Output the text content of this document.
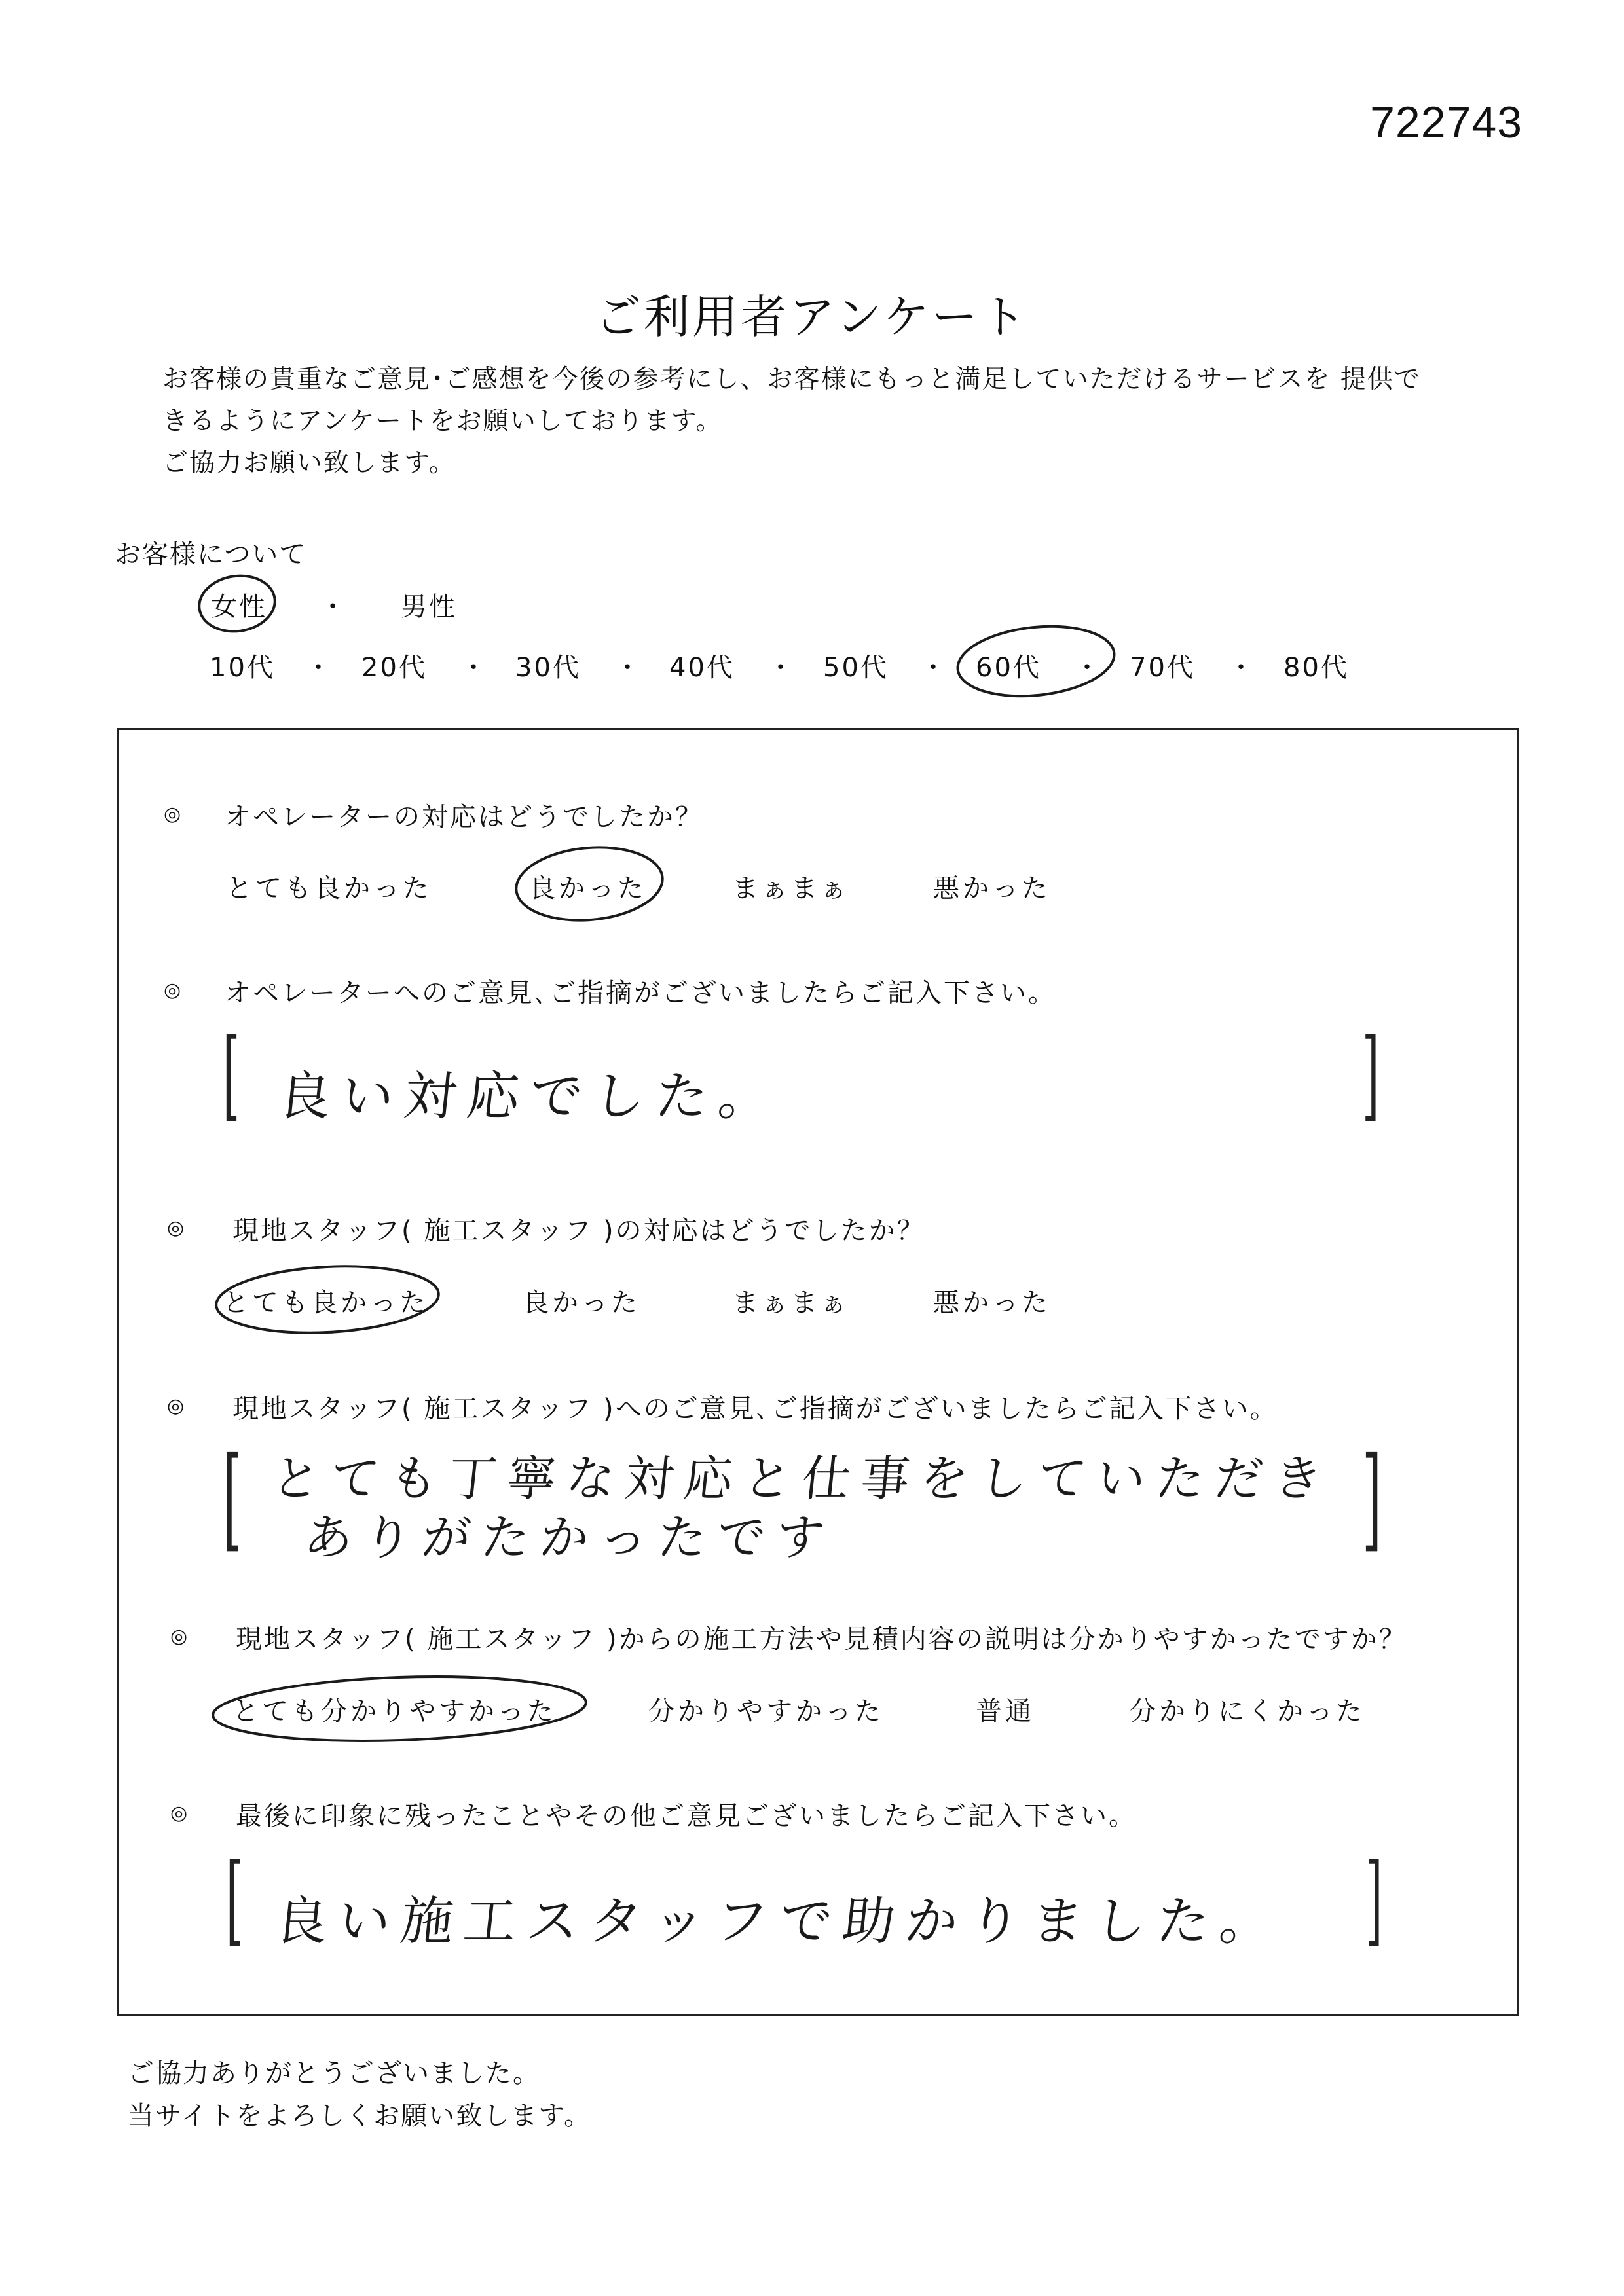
722743
ご利用者アンケート
お客様の貴重なご意見･ご感想を今後の参考にし、お客様にもっと満足していただけるサービスを 提供で
きるようにアンケートをお願いしております。
ご協力お願い致します。
お客様について
女性 ・ 男性
10代 ・ 20代 ・ 30代 ・ 40代 ・ 50代 ・ 60代 ・ 70代 ・ 80代
◎ オペレーターの対応はどうでしたか？
とても良かった	良かった	まぁまぁ	悪かった
◎ オペレーターへのご意見､ご指摘がございましたらご記入下さい。
[	]
良い対応でした。
◎ 現地スタッフ( 施工スタッフ )の対応はどうでしたか？
とても良かった	良かった	まぁまぁ	悪かった
◎ 現地スタッフ( 施工スタッフ )へのご意見､ご指摘がございましたらご記入下さい。
[	]
とても丁寧な対応と仕事をしていただき
ありがたかったです
◎ 現地スタッフ( 施工スタッフ )からの施工方法や見積内容の説明は分かりやすかったですか？
とても分かりやすかった	分かりやすかった	普通	分かりにくかった
◎ 最後に印象に残ったことやその他ご意見ございましたらご記入下さい。
[	]
良い施工スタッフで助かりました。
ご協力ありがとうございました。
当サイトをよろしくお願い致します。
